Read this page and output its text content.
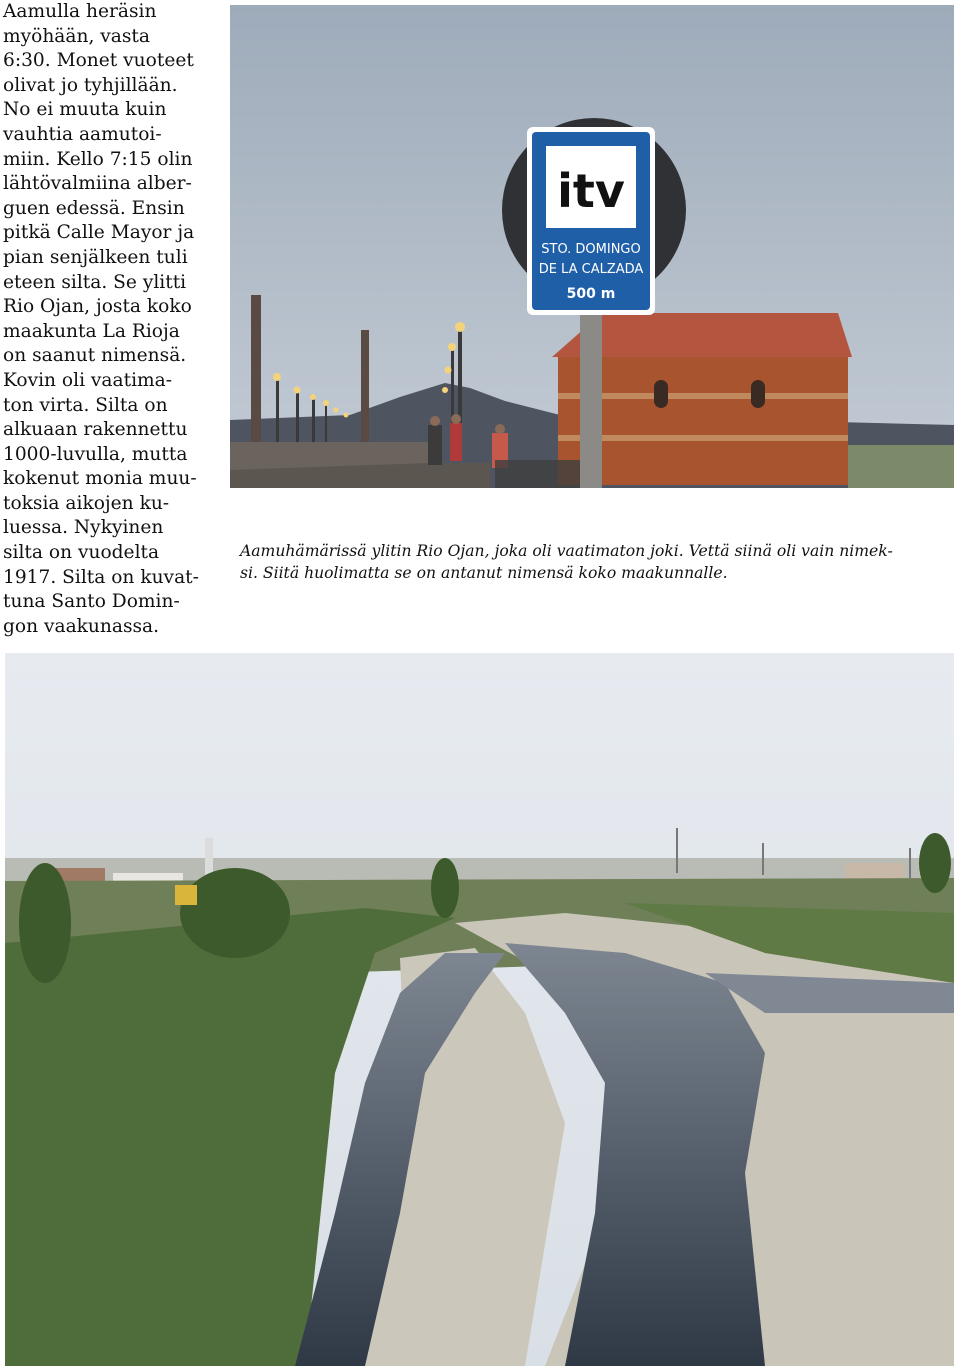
Aamulla heräsin
myöhään, vasta
6:30. Monet vuoteet
olivat jo tyhjillään.
No ei muuta kuin
vauhtia aamutoi-
miin. Kello 7:15 olin
lähtövalmiina alber-
guen edessä. Ensin
pitkä Calle Mayor ja
pian senjälkeen tuli
eteen silta. Se ylitti
Rio Ojan, josta koko
maakunta La Rioja
on saanut nimensä.
Kovin oli vaatima-
ton virta. Silta on
alkuaan rakennettu
1000-luvulla, mutta
kokenut monia muu-
toksia aikojen ku-
luessa. Nykyinen
silta on vuodelta
1917. Silta on kuvat-
tuna Santo Domin-
gon vaakunassa.
itv
STO. DOMINGO
DE LA CALZADA
500 m
Aamuhämärissä ylitin Rio Ojan, joka oli vaatimaton joki. Vettä siinä oli vain nimek-
si. Siitä huolimatta se on antanut nimensä koko maakunnalle.
